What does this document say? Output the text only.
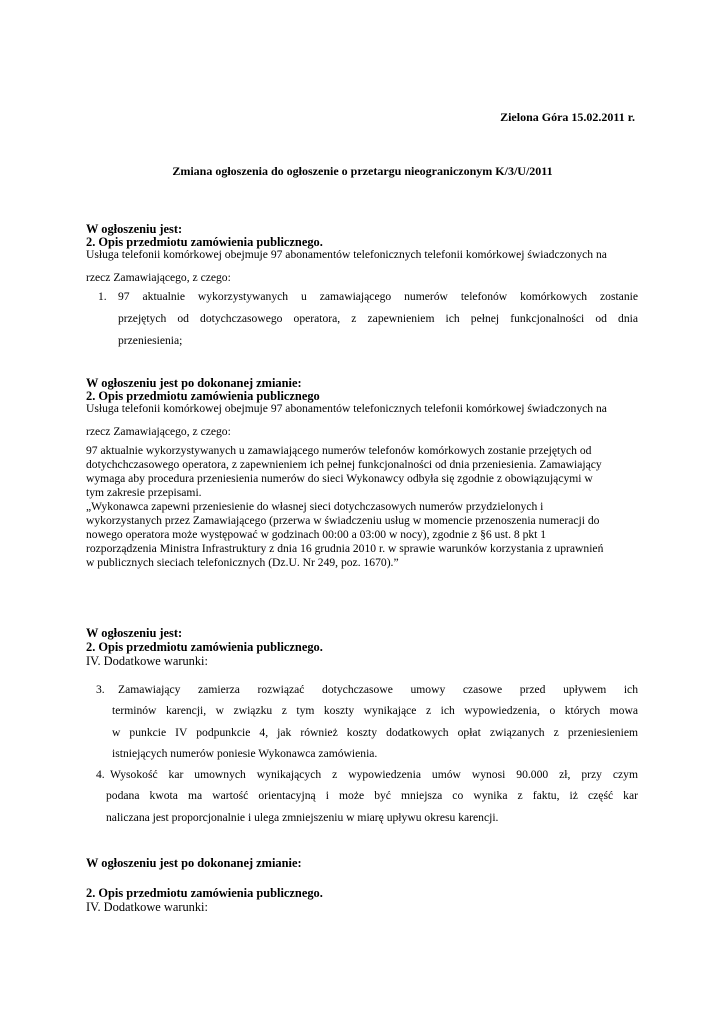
Zielona Góra 15.02.2011 r.

Zmiana ogłoszenia do ogłoszenie o przetargu nieograniczonym K/3/U/2011

W ogłoszeniu jest:

2. Opis przedmiotu zamówienia publicznego.

Usługa telefonii komórkowej obejmuje 97 abonamentów telefonicznych telefonii komórkowej świadczonych na

rzecz Zamawiającego, z czego:

1. 97 aktualnie wykorzystywanych u zamawiającego numerów telefonów komórkowych zostanie

przejętych od dotychczasowego operatora, z zapewnieniem ich pełnej funkcjonalności od dnia

przeniesienia;

W ogłoszeniu jest po dokonanej zmianie:

2. Opis przedmiotu zamówienia publicznego

Usługa telefonii komórkowej obejmuje 97 abonamentów telefonicznych telefonii komórkowej świadczonych na

rzecz Zamawiającego, z czego:

97 aktualnie wykorzystywanych u zamawiającego numerów telefonów komórkowych zostanie przejętych od

dotychchczasowego operatora, z zapewnieniem ich pełnej funkcjonalności od dnia przeniesienia. Zamawiający

wymaga aby procedura przeniesienia numerów do sieci Wykonawcy odbyła się zgodnie z obowiązującymi w

tym zakresie przepisami.

„Wykonawca zapewni przeniesienie do własnej sieci dotychczasowych numerów przydzielonych i

wykorzystanych przez Zamawiającego (przerwa w świadczeniu usług w momencie przenoszenia numeracji do

nowego operatora może występować w godzinach 00:00 a 03:00 w nocy), zgodnie z §6 ust. 8 pkt 1

rozporządzenia Ministra Infrastruktury z dnia 16 grudnia 2010 r. w sprawie warunków korzystania z uprawnień

w publicznych sieciach telefonicznych (Dz.U. Nr 249, poz. 1670).”

W ogłoszeniu jest:

2. Opis przedmiotu zamówienia publicznego.

IV. Dodatkowe warunki:

3. Zamawiający zamierza rozwiązać dotychczasowe umowy czasowe przed upływem ich

terminów karencji, w związku z tym koszty wynikające z ich wypowiedzenia, o których mowa

w punkcie IV podpunkcie 4, jak również koszty dodatkowych opłat związanych z przeniesieniem

istniejących numerów poniesie Wykonawca zamówienia.

4. Wysokość kar umownych wynikających z wypowiedzenia umów wynosi 90.000 zł, przy czym

podana kwota ma wartość orientacyjną i może być mniejsza co wynika z faktu, iż część kar

naliczana jest proporcjonalnie i ulega zmniejszeniu w miarę upływu okresu karencji.

W ogłoszeniu jest po dokonanej zmianie:

2. Opis przedmiotu zamówienia publicznego.

IV. Dodatkowe warunki:
